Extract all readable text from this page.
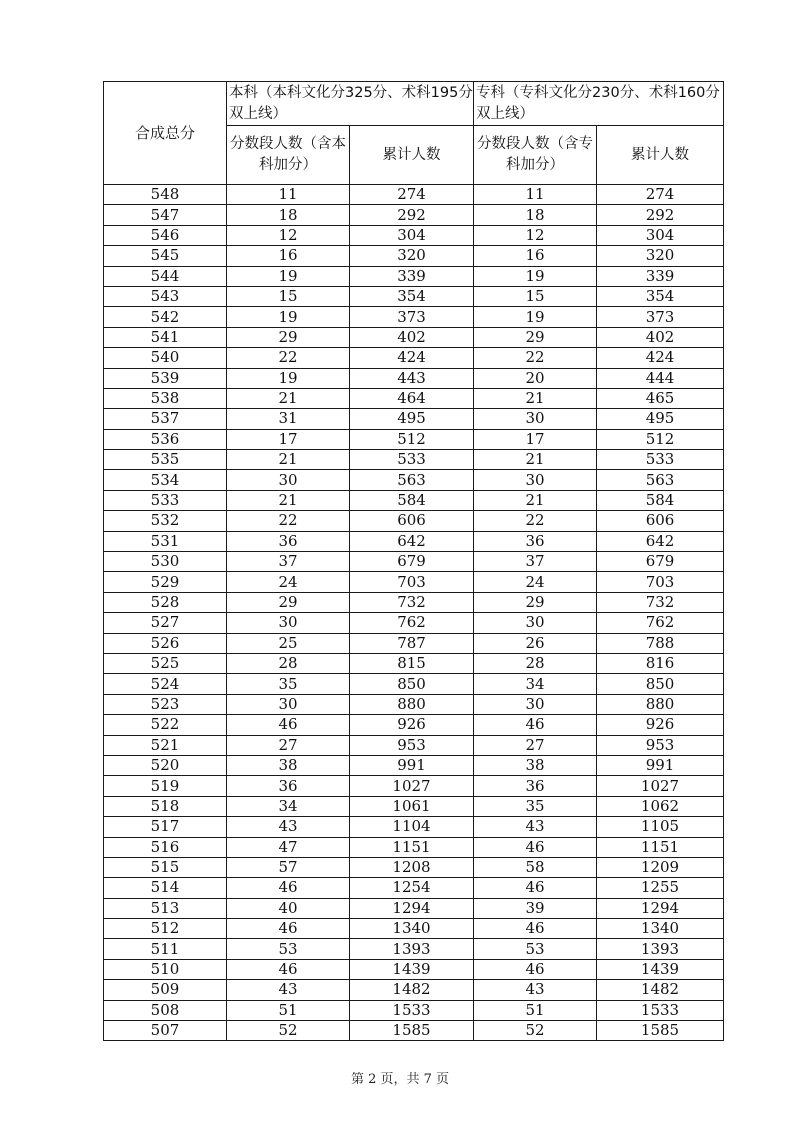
合成总分	本科（本科文化分325分、术科195分双上线）		专科（专科文化分230分、术科160分双上线）	
	分数段人数（含本科加分）	累计人数	分数段人数（含专科加分）	累计人数
548	11	274	11	274
547	18	292	18	292
546	12	304	12	304
545	16	320	16	320
544	19	339	19	339
543	15	354	15	354
542	19	373	19	373
541	29	402	29	402
540	22	424	22	424
539	19	443	20	444
538	21	464	21	465
537	31	495	30	495
536	17	512	17	512
535	21	533	21	533
534	30	563	30	563
533	21	584	21	584
532	22	606	22	606
531	36	642	36	642
530	37	679	37	679
529	24	703	24	703
528	29	732	29	732
527	30	762	30	762
526	25	787	26	788
525	28	815	28	816
524	35	850	34	850
523	30	880	30	880
522	46	926	46	926
521	27	953	27	953
520	38	991	38	991
519	36	1027	36	1027
518	34	1061	35	1062
517	43	1104	43	1105
516	47	1151	46	1151
515	57	1208	58	1209
514	46	1254	46	1255
513	40	1294	39	1294
512	46	1340	46	1340
511	53	1393	53	1393
510	46	1439	46	1439
509	43	1482	43	1482
508	51	1533	51	1533
507	52	1585	52	1585
第 2 页，共 7 页
